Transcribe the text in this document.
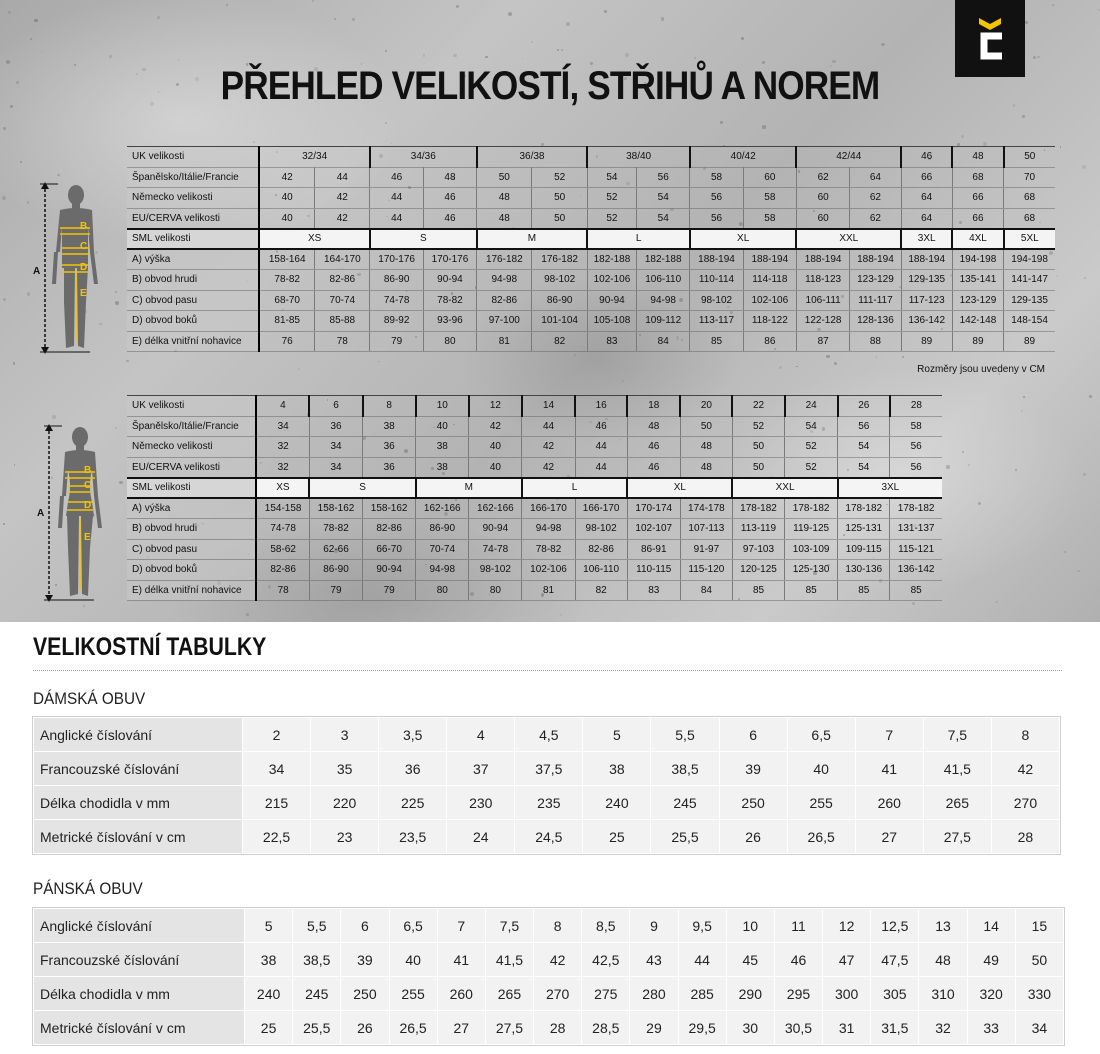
PŘEHLED VELIKOSTÍ, STŘIHŮ A NOREM
B
C
D
E
A
B
C
D
E
A
UK velikosti	32/34		34/36		36/38		38/40		40/42		42/44		46	48	50
Španělsko/Itálie/Francie	42	44	46	48	50	52	54	56	58	60	62	64	66	68	70
Německo velikosti	40	42	44	46	48	50	52	54	56	58	60	62	64	66	68
EU/CERVA velikosti	40	42	44	46	48	50	52	54	56	58	60	62	64	66	68
SML velikosti	XS		S		M		L		XL		XXL		3XL	4XL	5XL
A) výška	158-164	164-170	170-176	170-176	176-182	176-182	182-188	182-188	188-194	188-194	188-194	188-194	188-194	194-198	194-198
B) obvod hrudi	78-82	82-86	86-90	90-94	94-98	98-102	102-106	106-110	110-114	114-118	118-123	123-129	129-135	135-141	141-147
C) obvod pasu	68-70	70-74	74-78	78-82	82-86	86-90	90-94	94-98	98-102	102-106	106-111	111-117	117-123	123-129	129-135
D) obvod boků	81-85	85-88	89-92	93-96	97-100	101-104	105-108	109-112	113-117	118-122	122-128	128-136	136-142	142-148	148-154
E) délka vnitřní nohavice	76	78	79	80	81	82	83	84	85	86	87	88	89	89	89
Rozměry jsou uvedeny v CM
UK velikosti	4	6	8	10	12	14	16	18	20	22	24	26	28
Španělsko/Itálie/Francie	34	36	38	40	42	44	46	48	50	52	54	56	58
Německo velikosti	32	34	36	38	40	42	44	46	48	50	52	54	56
EU/CERVA velikosti	32	34	36	38	40	42	44	46	48	50	52	54	56
SML velikosti	XS	S		M		L		XL		XXL		3XL	
A) výška	154-158	158-162	158-162	162-166	162-166	166-170	166-170	170-174	174-178	178-182	178-182	178-182	178-182
B) obvod hrudi	74-78	78-82	82-86	86-90	90-94	94-98	98-102	102-107	107-113	113-119	119-125	125-131	131-137
C) obvod pasu	58-62	62-66	66-70	70-74	74-78	78-82	82-86	86-91	91-97	97-103	103-109	109-115	115-121
D) obvod boků	82-86	86-90	90-94	94-98	98-102	102-106	106-110	110-115	115-120	120-125	125-130	130-136	136-142
E) délka vnitřní nohavice	78	79	79	80	80	81	82	83	84	85	85	85	85
VELIKOSTNÍ TABULKY
DÁMSKÁ OBUV
Anglické číslování	2	3	3,5	4	4,5	5	5,5	6	6,5	7	7,5	8
Francouzské číslování	34	35	36	37	37,5	38	38,5	39	40	41	41,5	42
Délka chodidla v mm	215	220	225	230	235	240	245	250	255	260	265	270
Metrické číslování v cm	22,5	23	23,5	24	24,5	25	25,5	26	26,5	27	27,5	28
PÁNSKÁ OBUV
Anglické číslování	5	5,5	6	6,5	7	7,5	8	8,5	9	9,5	10	11	12	12,5	13	14	15
Francouzské číslování	38	38,5	39	40	41	41,5	42	42,5	43	44	45	46	47	47,5	48	49	50
Délka chodidla v mm	240	245	250	255	260	265	270	275	280	285	290	295	300	305	310	320	330
Metrické číslování v cm	25	25,5	26	26,5	27	27,5	28	28,5	29	29,5	30	30,5	31	31,5	32	33	34
